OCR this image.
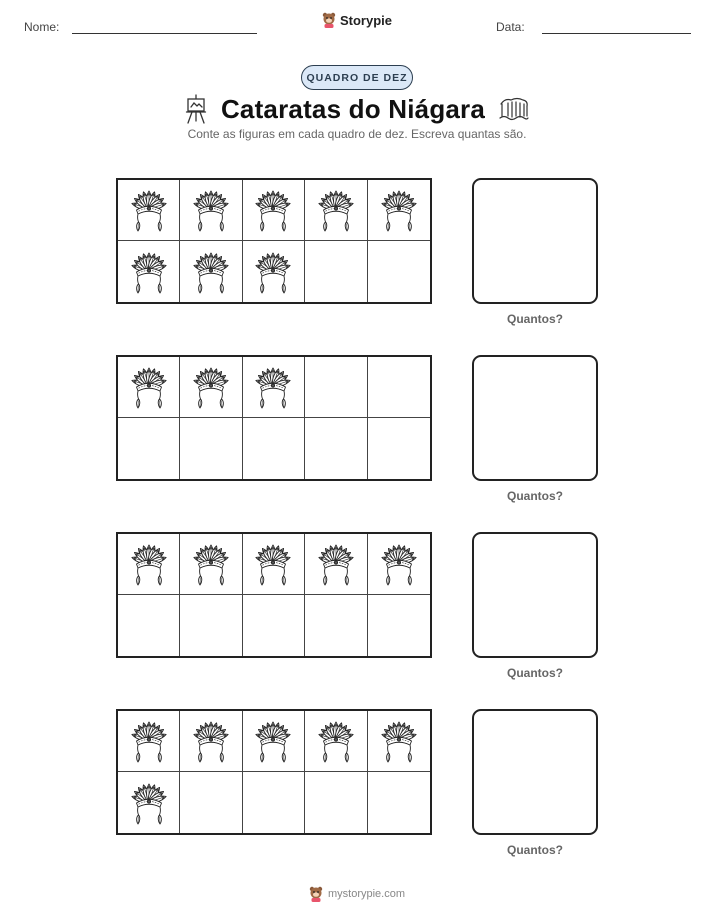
Nome:	Storypie	Data:
QUADRO DE DEZ
Cataratas do Niágara
Conte as figuras em cada quadro de dez. Escreva quantas são.
Quantos?
Quantos?
Quantos?
Quantos?
mystorypie.com
